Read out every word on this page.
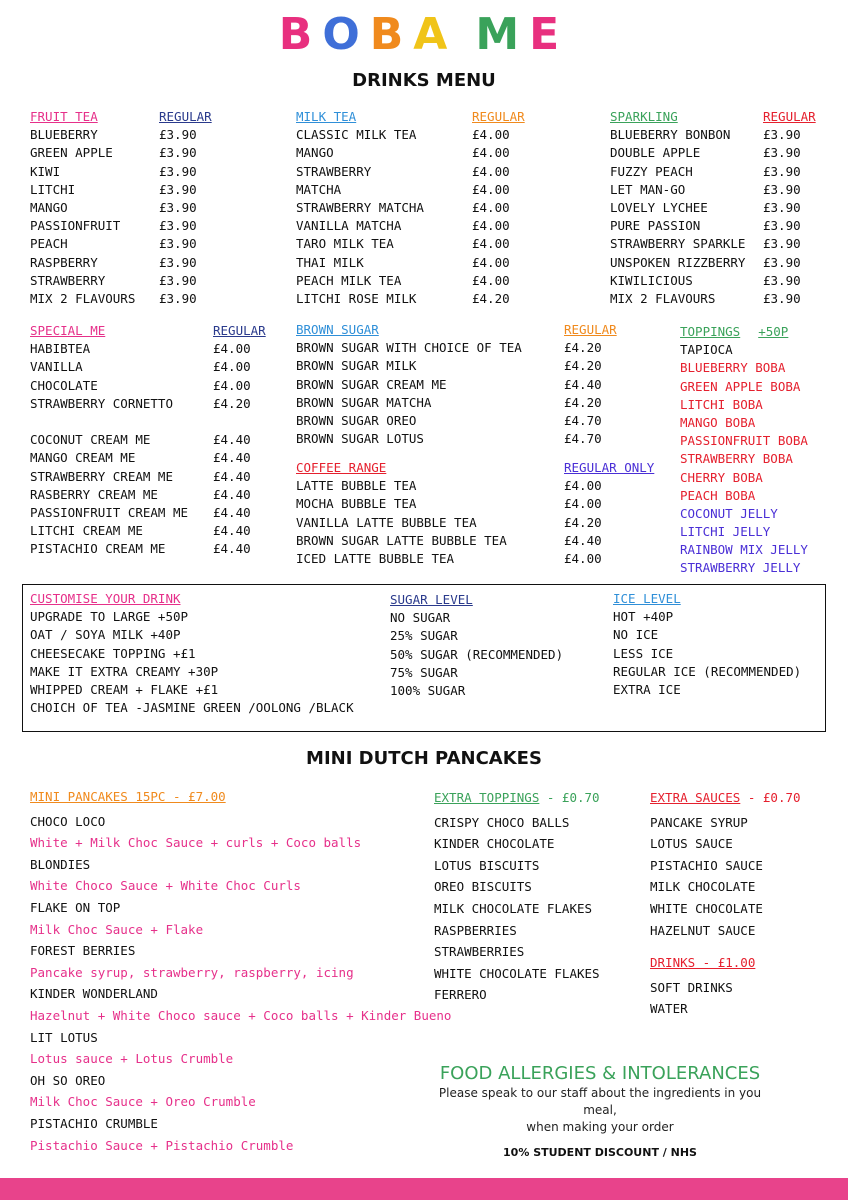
BOBA ME
DRINKS MENU
FRUIT TEA	REGULAR
BLUEBERRY	£3.90
GREEN APPLE	£3.90
KIWI	£3.90
LITCHI	£3.90
MANGO	£3.90
PASSIONFRUIT	£3.90
PEACH	£3.90
RASPBERRY	£3.90
STRAWBERRY	£3.90
MIX 2 FLAVOURS £3.90
MILK TEA	REGULAR
CLASSIC MILK TEA	£4.00
MANGO	£4.00
STRAWBERRY	£4.00
MATCHA	£4.00
STRAWBERRY MATCHA	£4.00
VANILLA MATCHA	£4.00
TARO MILK TEA	£4.00
THAI MILK	£4.00
PEACH MILK TEA	£4.00
LITCHI ROSE MILK	£4.20
SPARKLING	REGULAR
BLUEBERRY BONBON	£3.90
DOUBLE APPLE	£3.90
FUZZY PEACH	£3.90
LET MAN-GO	£3.90
LOVELY LYCHEE	£3.90
PURE PASSION	£3.90
STRAWBERRY SPARKLE £3.90
UNSPOKEN RIZZBERRY £3.90
KIWILICIOUS	£3.90
MIX 2 FLAVOURS	£3.90
SPECIAL ME	REGULAR
HABIBTEA	£4.00
VANILLA	£4.00
CHOCOLATE	£4.00
STRAWBERRY CORNETTO	£4.20
COCONUT CREAM ME	£4.40
MANGO CREAM ME	£4.40
STRAWBERRY CREAM ME	£4.40
RASBERRY CREAM ME	£4.40
PASSIONFRUIT CREAM ME £4.40
LITCHI CREAM ME	£4.40
PISTACHIO CREAM ME	£4.40
BROWN SUGAR	REGULAR
BROWN SUGAR WITH CHOICE OF TEA	£4.20
BROWN SUGAR MILK	£4.20
BROWN SUGAR CREAM ME	£4.40
BROWN SUGAR MATCHA	£4.20
BROWN SUGAR OREO	£4.70
BROWN SUGAR LOTUS	£4.70
COFFEE RANGE	REGULAR ONLY
LATTE BUBBLE TEA	£4.00
MOCHA BUBBLE TEA	£4.00
VANILLA LATTE BUBBLE TEA	£4.20
BROWN SUGAR LATTE BUBBLE TEA	£4.40
ICED LATTE BUBBLE TEA	£4.00
TOPPINGS +50P
TAPIOCA
BLUEBERRY BOBA
GREEN APPLE BOBA
LITCHI BOBA
MANGO BOBA
PASSIONFRUIT BOBA
STRAWBERRY BOBA
CHERRY BOBA
PEACH BOBA
COCONUT JELLY
LITCHI JELLY
RAINBOW MIX JELLY
STRAWBERRY JELLY
CUSTOMISE YOUR DRINK
UPGRADE TO LARGE +50P
OAT / SOYA MILK +40P
CHEESECAKE TOPPING +£1
MAKE IT EXTRA CREAMY +30P
WHIPPED CREAM + FLAKE +£1
CHOICH OF TEA -JASMINE GREEN /OOLONG /BLACK
SUGAR LEVEL
NO SUGAR
25% SUGAR
50% SUGAR (RECOMMENDED)
75% SUGAR
100% SUGAR
ICE LEVEL
HOT +40P
NO ICE
LESS ICE
REGULAR ICE (RECOMMENDED)
EXTRA ICE
MINI DUTCH PANCAKES
MINI PANCAKES 15PC - £7.00
CHOCO LOCO
White + Milk Choc Sauce + curls + Coco balls
BLONDIES
White Choco Sauce + White Choc Curls
FLAKE ON TOP
Milk Choc Sauce + Flake
FOREST BERRIES
Pancake syrup, strawberry, raspberry, icing
KINDER WONDERLAND
Hazelnut + White Choco sauce + Coco balls + Kinder Bueno
LIT LOTUS
Lotus sauce + Lotus Crumble
OH SO OREO
Milk Choc Sauce + Oreo Crumble
PISTACHIO CRUMBLE
Pistachio Sauce + Pistachio Crumble
EXTRA TOPPINGS - £0.70
CRISPY CHOCO BALLS
KINDER CHOCOLATE
LOTUS BISCUITS
OREO BISCUITS
MILK CHOCOLATE FLAKES
RASPBERRIES
STRAWBERRIES
WHITE CHOCOLATE FLAKES
FERRERO
EXTRA SAUCES - £0.70
PANCAKE SYRUP
LOTUS SAUCE
PISTACHIO SAUCE
MILK CHOCOLATE
WHITE CHOCOLATE
HAZELNUT SAUCE
DRINKS - £1.00
SOFT DRINKS
WATER
FOOD ALLERGIES & INTOLERANCES
Please speak to our staff about the ingredients in you meal,
when making your order
10% STUDENT DISCOUNT / NHS
